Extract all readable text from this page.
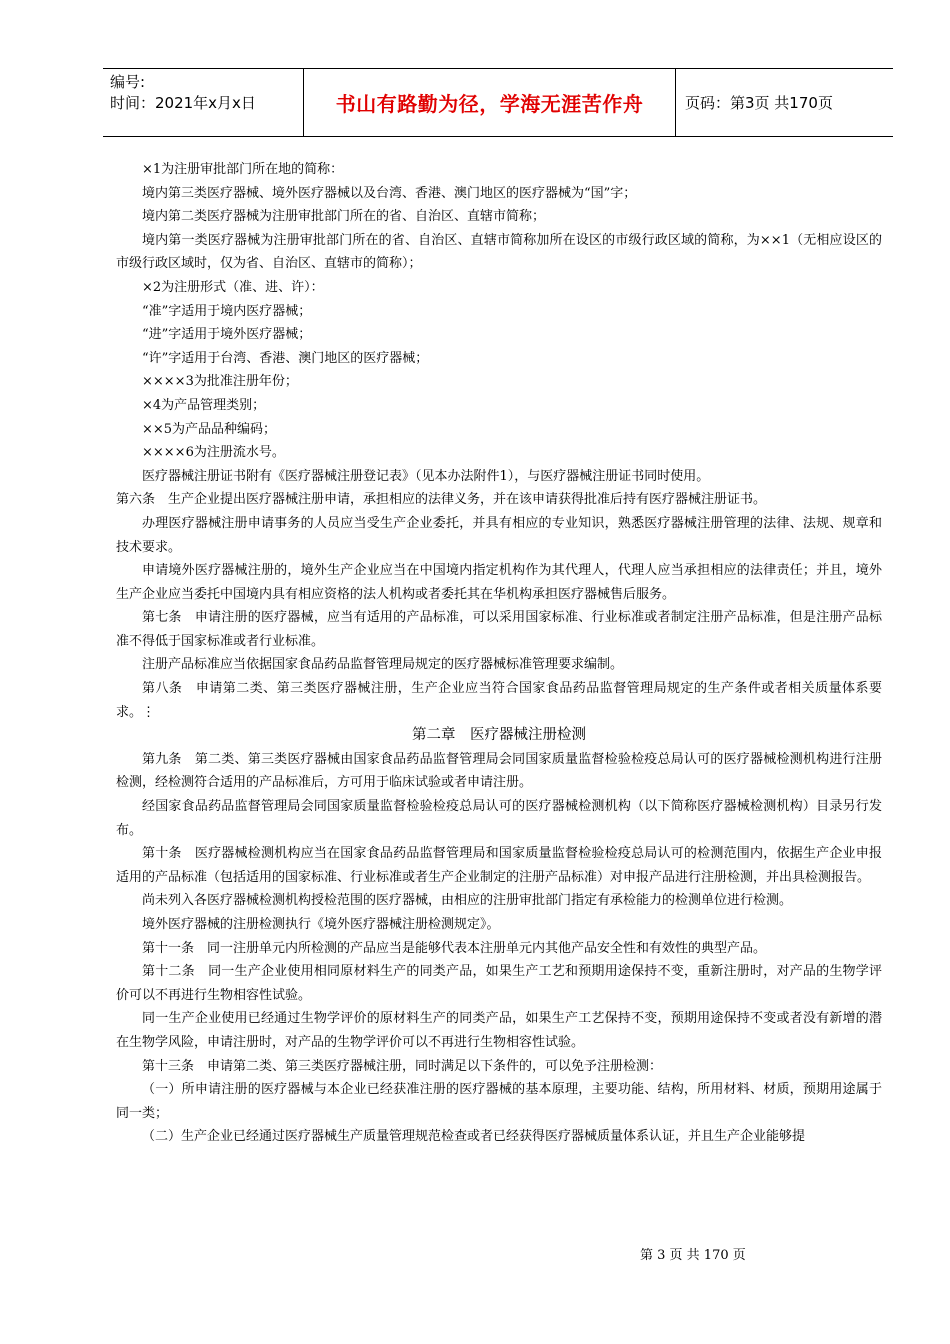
编号:
时间：2021年x月x日	书山有路勤为径，学海无涯苦作舟	页码：第3页 共170页

×1为注册审批部门所在地的简称：

境内第三类医疗器械、境外医疗器械以及台湾、香港、澳门地区的医疗器械为“国”字；

境内第二类医疗器械为注册审批部门所在的省、自治区、直辖市简称；

境内第一类医疗器械为注册审批部门所在的省、自治区、直辖市简称加所在设区的市级行政区域的简称，为××1（无相应设区的市级行政区域时，仅为省、自治区、直辖市的简称）；

×2为注册形式（准、进、许）：

“准”字适用于境内医疗器械；

“进”字适用于境外医疗器械；

“许”字适用于台湾、香港、澳门地区的医疗器械；

××××3为批准注册年份；

×4为产品管理类别；

××5为产品品种编码；

××××6为注册流水号。

医疗器械注册证书附有《医疗器械注册登记表》（见本办法附件1），与医疗器械注册证书同时使用。

第六条　生产企业提出医疗器械注册申请，承担相应的法律义务，并在该申请获得批准后持有医疗器械注册证书。

办理医疗器械注册申请事务的人员应当受生产企业委托，并具有相应的专业知识，熟悉医疗器械注册管理的法律、法规、规章和技术要求。

申请境外医疗器械注册的，境外生产企业应当在中国境内指定机构作为其代理人，代理人应当承担相应的法律责任；并且，境外生产企业应当委托中国境内具有相应资格的法人机构或者委托其在华机构承担医疗器械售后服务。

第七条　申请注册的医疗器械，应当有适用的产品标准，可以采用国家标准、行业标准或者制定注册产品标准，但是注册产品标准不得低于国家标准或者行业标准。

注册产品标准应当依据国家食品药品监督管理局规定的医疗器械标准管理要求编制。

第八条　申请第二类、第三类医疗器械注册，生产企业应当符合国家食品药品监督管理局规定的生产条件或者相关质量体系要求。⋮

第二章　医疗器械注册检测

第九条　第二类、第三类医疗器械由国家食品药品监督管理局会同国家质量监督检验检疫总局认可的医疗器械检测机构进行注册检测，经检测符合适用的产品标准后，方可用于临床试验或者申请注册。

经国家食品药品监督管理局会同国家质量监督检验检疫总局认可的医疗器械检测机构（以下简称医疗器械检测机构）目录另行发布。

第十条　医疗器械检测机构应当在国家食品药品监督管理局和国家质量监督检验检疫总局认可的检测范围内，依据生产企业申报适用的产品标准（包括适用的国家标准、行业标准或者生产企业制定的注册产品标准）对申报产品进行注册检测，并出具检测报告。

尚未列入各医疗器械检测机构授检范围的医疗器械，由相应的注册审批部门指定有承检能力的检测单位进行检测。

境外医疗器械的注册检测执行《境外医疗器械注册检测规定》。

第十一条　同一注册单元内所检测的产品应当是能够代表本注册单元内其他产品安全性和有效性的典型产品。

第十二条　同一生产企业使用相同原材料生产的同类产品，如果生产工艺和预期用途保持不变，重新注册时，对产品的生物学评价可以不再进行生物相容性试验。

同一生产企业使用已经通过生物学评价的原材料生产的同类产品，如果生产工艺保持不变，预期用途保持不变或者没有新增的潜在生物学风险，申请注册时，对产品的生物学评价可以不再进行生物相容性试验。

第十三条　申请第二类、第三类医疗器械注册，同时满足以下条件的，可以免予注册检测：

（一）所申请注册的医疗器械与本企业已经获准注册的医疗器械的基本原理，主要功能、结构，所用材料、材质，预期用途属于同一类；

（二）生产企业已经通过医疗器械生产质量管理规范检查或者已经获得医疗器械质量体系认证，并且生产企业能够提

第 3 页 共 170 页
